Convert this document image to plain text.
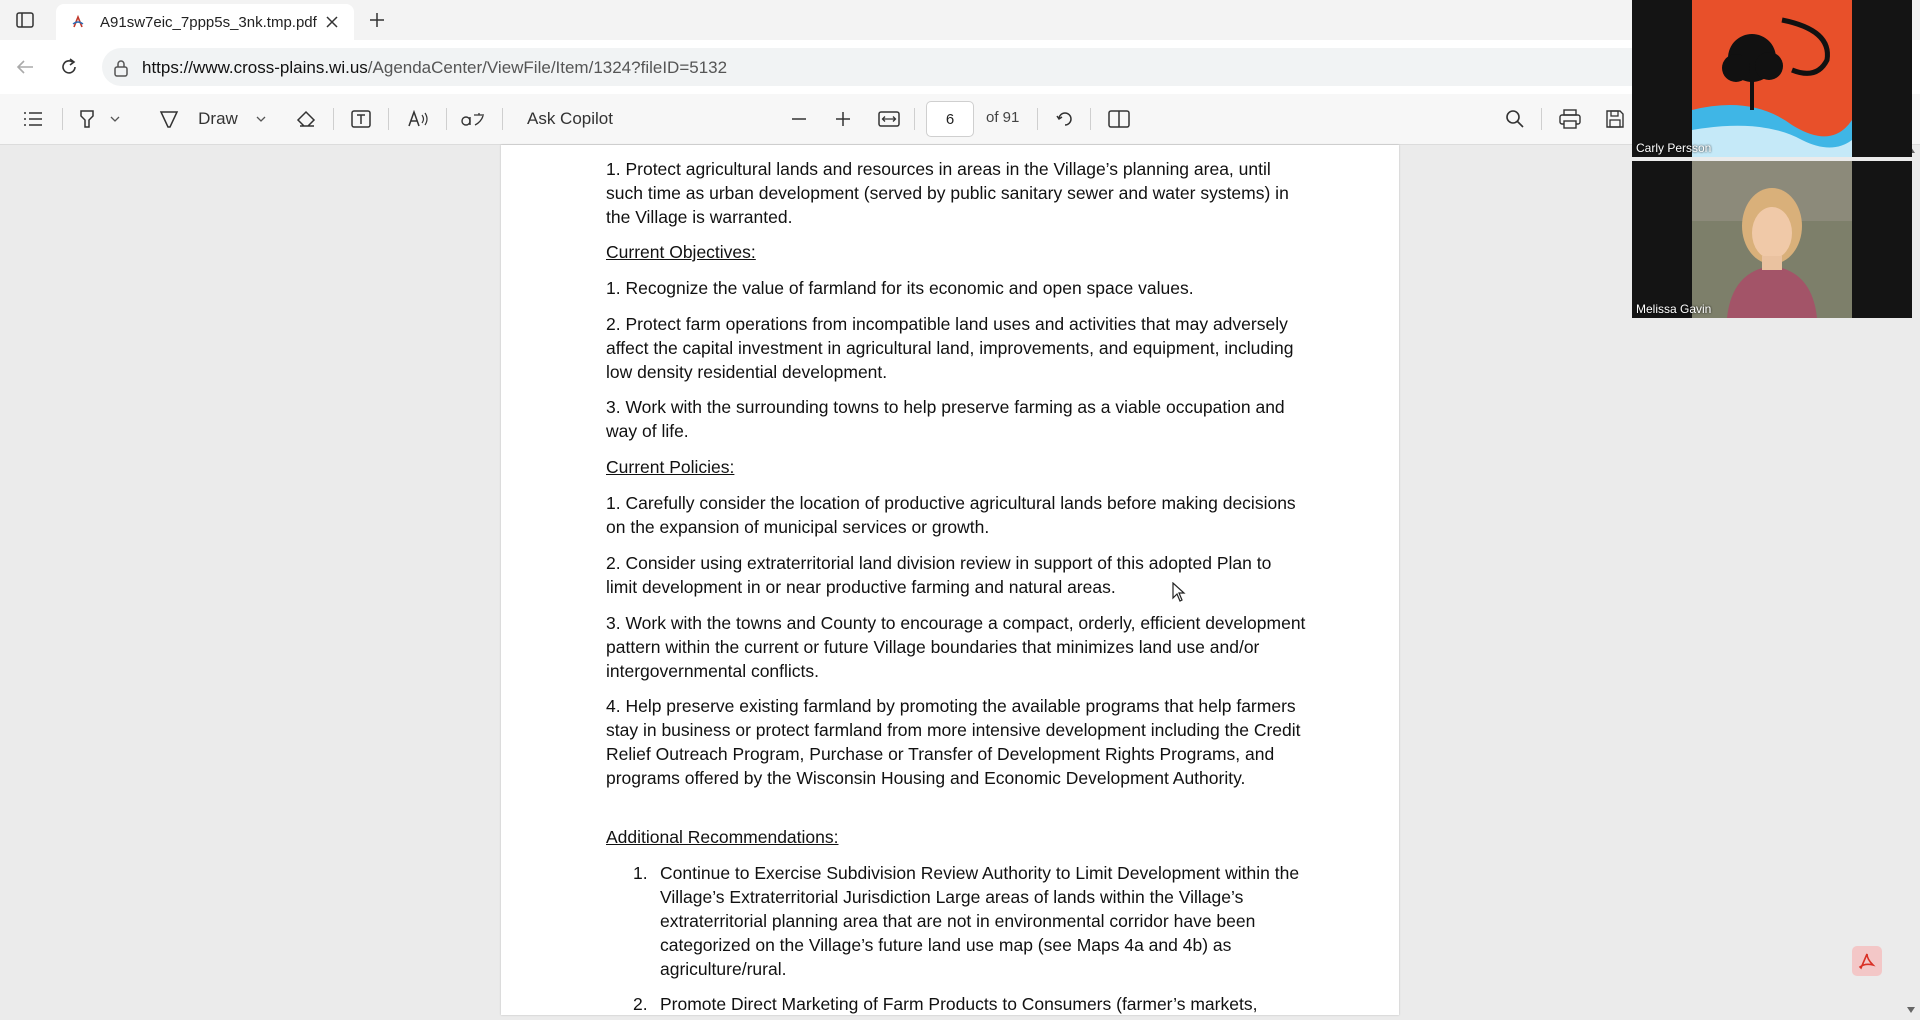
A91sw7eic_7ppp5s_3nk.tmp.pdf
https://www.cross-plains.wi.us/AgendaCenter/ViewFile/Item/1324?fileID=5132
Draw	Ask Copilot	6	of 91
1. Protect agricultural lands and resources in areas in the Village’s planning area, until such time as urban development (served by public sanitary sewer and water systems) in the Village is warranted.
Current Objectives:
1. Recognize the value of farmland for its economic and open space values.
2. Protect farm operations from incompatible land uses and activities that may adversely affect the capital investment in agricultural land, improvements, and equipment, including low density residential development.
3. Work with the surrounding towns to help preserve farming as a viable occupation and way of life.
Current Policies:
1. Carefully consider the location of productive agricultural lands before making decisions on the expansion of municipal services or growth.
2. Consider using extraterritorial land division review in support of this adopted Plan to limit development in or near productive farming and natural areas.
3. Work with the towns and County to encourage a compact, orderly, efficient development pattern within the current or future Village boundaries that minimizes land use and/or intergovernmental conflicts.
4. Help preserve existing farmland by promoting the available programs that help farmers stay in business or protect farmland from more intensive development including the Credit Relief Outreach Program, Purchase or Transfer of Development Rights Programs, and programs offered by the Wisconsin Housing and Economic Development Authority.
Additional Recommendations:
1. Continue to Exercise Subdivision Review Authority to Limit Development within the Village’s Extraterritorial Jurisdiction Large areas of lands within the Village’s extraterritorial planning area that are not in environmental corridor have been categorized on the Village’s future land use map (see Maps 4a and 4b) as agriculture/rural.
2. Promote Direct Marketing of Farm Products to Consumers (farmer’s markets,
Carly Persson
Melissa Gavin
